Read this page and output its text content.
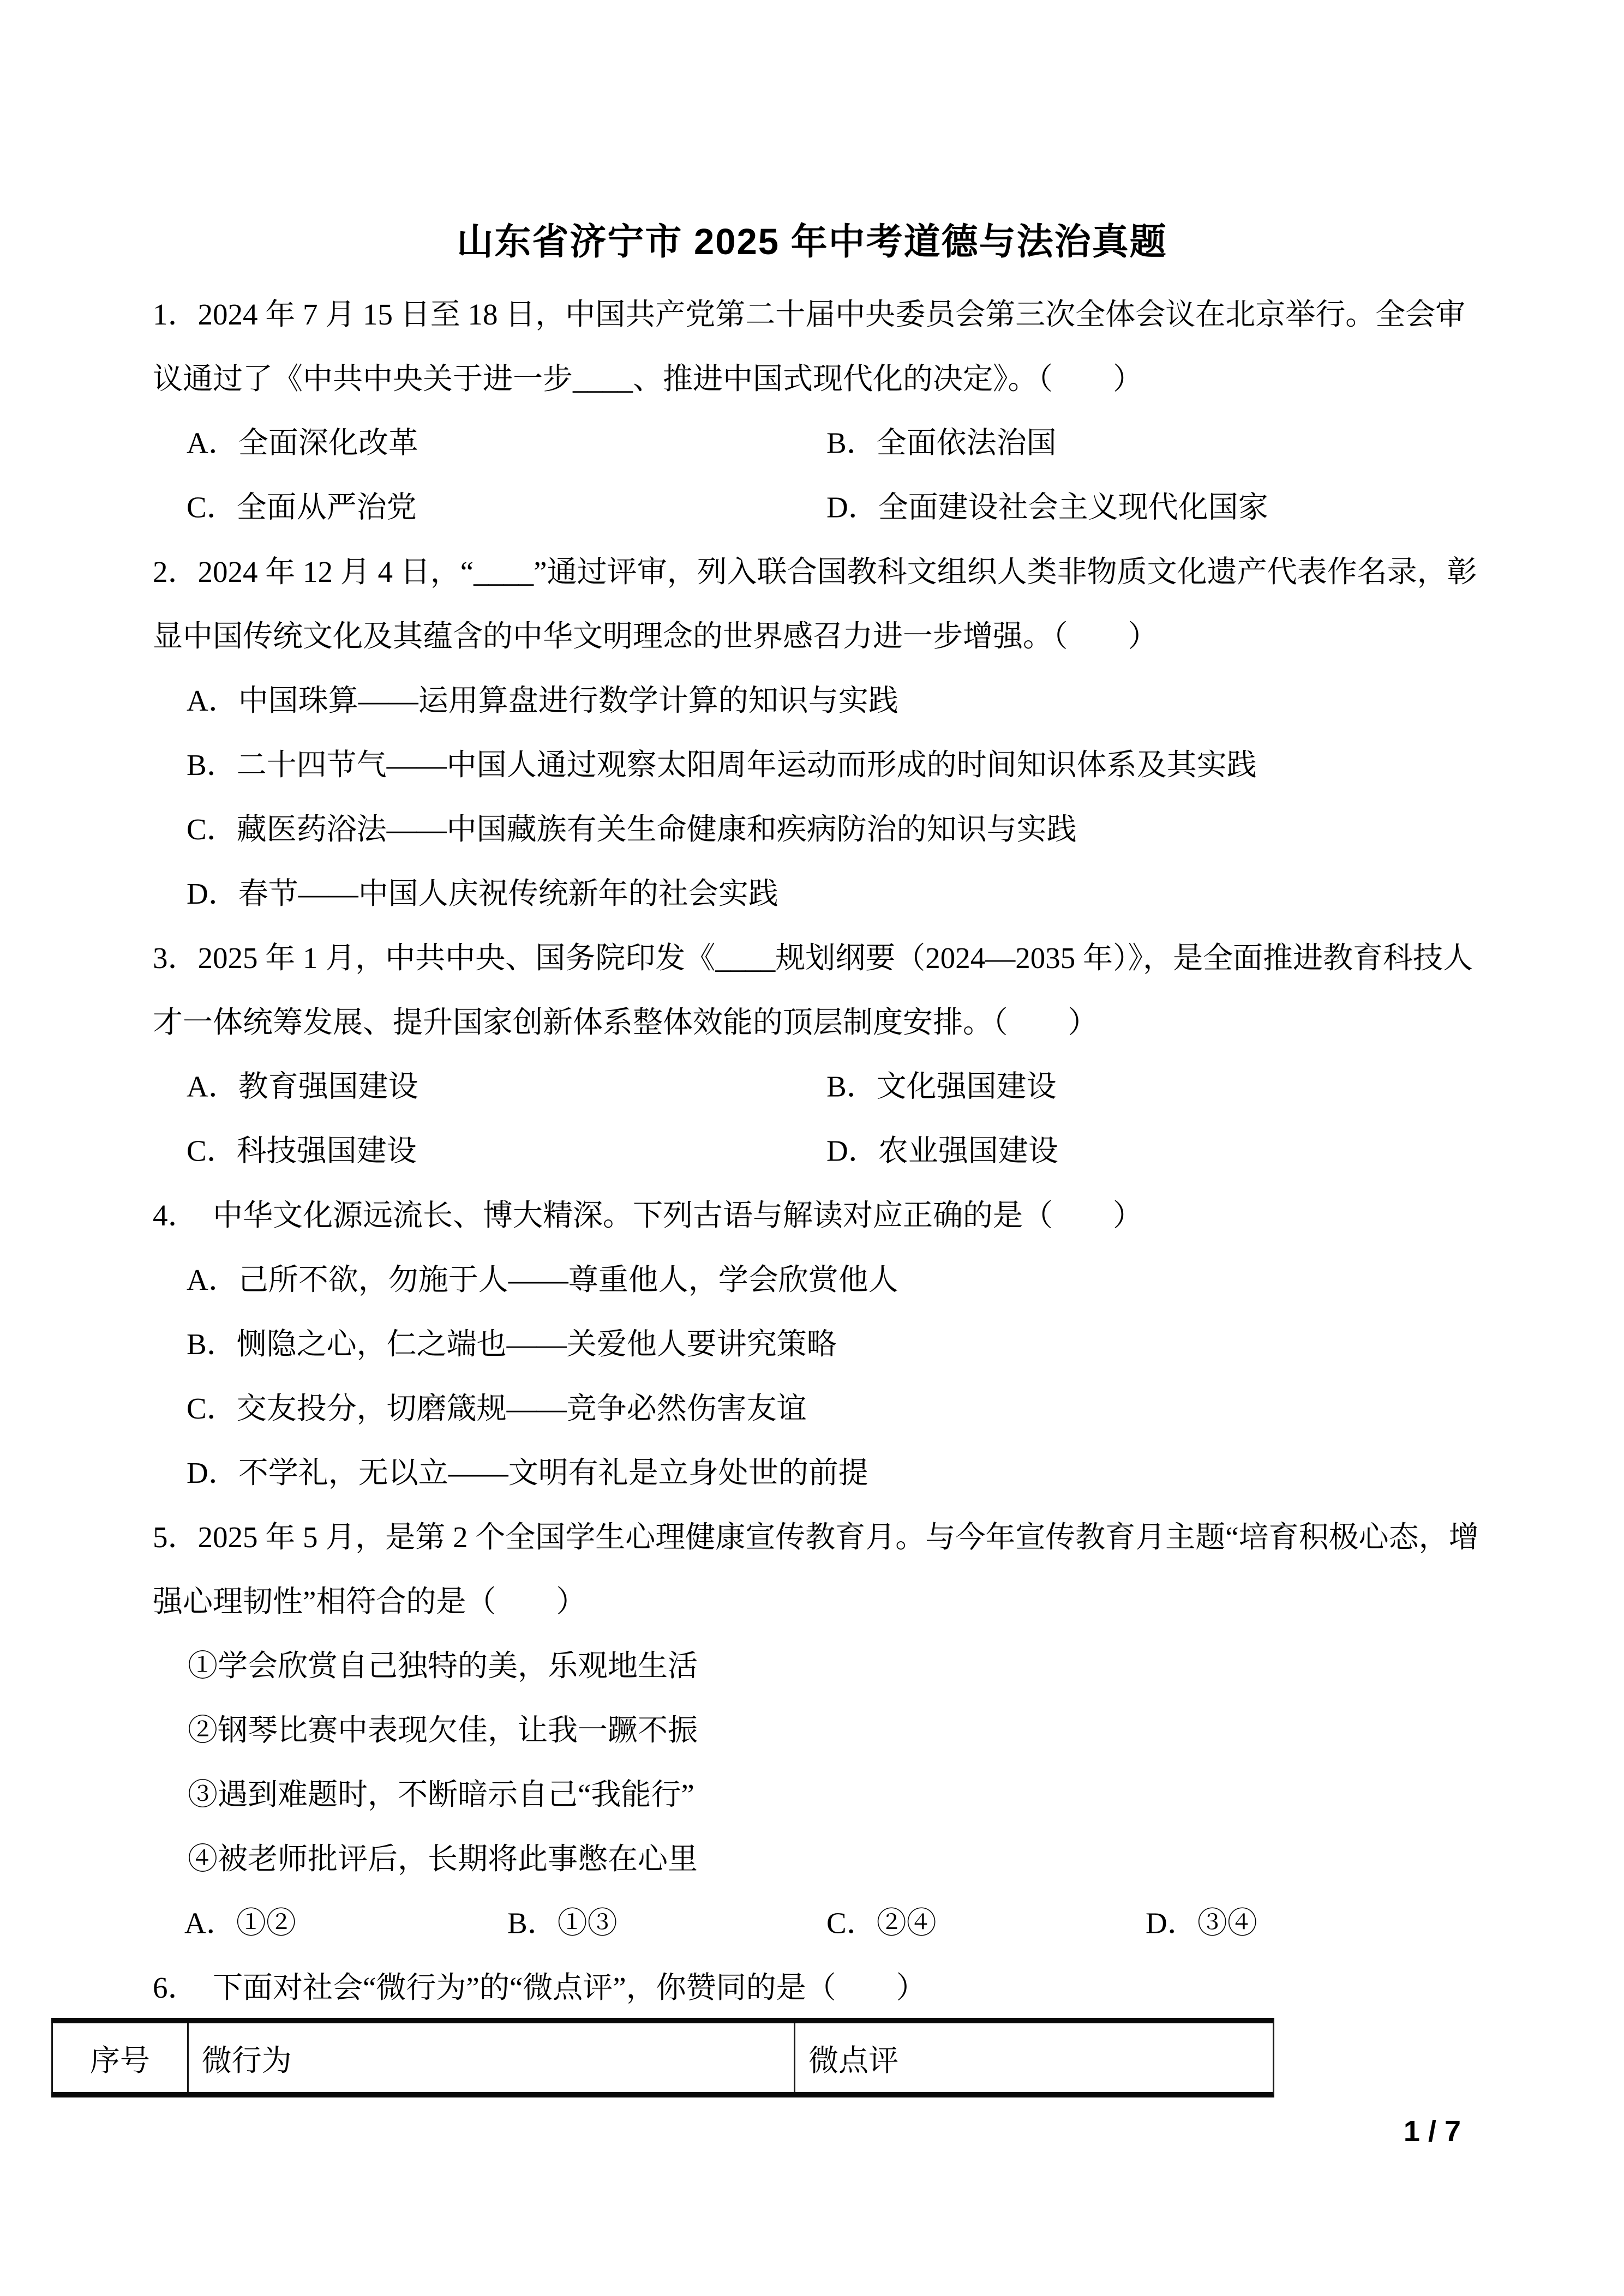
山东省济宁市 2025 年中考道德与法治真题
1．2024 年 7 月 15 日至 18 日，中国共产党第二十届中央委员会第三次全体会议在北京举行。全会审
议通过了《中共中央关于进一步____、推进中国式现代化的决定》。（　　）
A．全面深化改革	B．全面依法治国
C．全面从严治党	D．全面建设社会主义现代化国家
2．2024 年 12 月 4 日，“____”通过评审，列入联合国教科文组织人类非物质文化遗产代表作名录，彰
显中国传统文化及其蕴含的中华文明理念的世界感召力进一步增强。（　　）
A．中国珠算——运用算盘进行数学计算的知识与实践
B．二十四节气——中国人通过观察太阳周年运动而形成的时间知识体系及其实践
C．藏医药浴法——中国藏族有关生命健康和疾病防治的知识与实践
D．春节——中国人庆祝传统新年的社会实践
3．2025 年 1 月，中共中央、国务院印发《____规划纲要（2024—2035 年）》，是全面推进教育科技人
才一体统筹发展、提升国家创新体系整体效能的顶层制度安排。（　　）
A．教育强国建设	B．文化强国建设
C．科技强国建设	D．农业强国建设
4．　中华文化源远流长、博大精深。下列古语与解读对应正确的是（　　）
A．己所不欲，勿施于人——尊重他人，学会欣赏他人
B．恻隐之心，仁之端也——关爱他人要讲究策略
C．交友投分，切磨箴规——竞争必然伤害友谊
D．不学礼，无以立——文明有礼是立身处世的前提
5．2025 年 5 月，是第 2 个全国学生心理健康宣传教育月。与今年宣传教育月主题“培育积极心态，增
强心理韧性”相符合的是（　　）
①学会欣赏自己独特的美，乐观地生活
②钢琴比赛中表现欠佳，让我一蹶不振
③遇到难题时，不断暗示自己“我能行”
④被老师批评后，长期将此事憋在心里
A．①②	B．①③	C．②④	D．③④
6．　下面对社会“微行为”的“微点评”，你赞同的是（　　）
序号	微行为	微点评
1 / 7
